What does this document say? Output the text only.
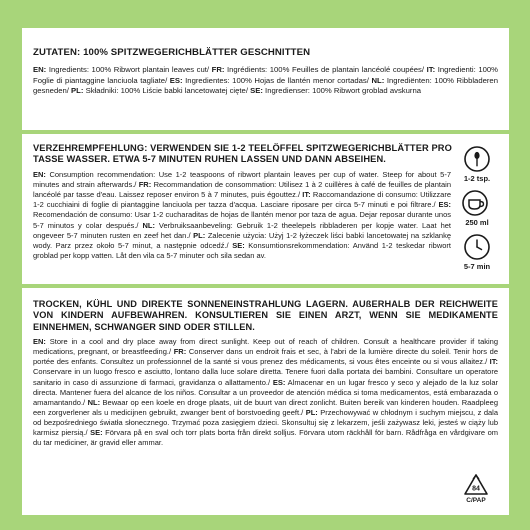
ZUTATEN: 100% SPITZWEGERICHBLÄTTER GESCHNITTEN
EN: Ingredients: 100% Ribwort plantain leaves cut/ FR: Ingrédients: 100% Feuilles de plantain lancéolé coupées/ IT: Ingredienti: 100% Foglie di piantaggine lanciuola tagliate/ ES: Ingredientes: 100% Hojas de llantén menor cortadas/ NL: Ingrediënten: 100% Ribbladeren gesneden/ PL: Składniki: 100% Liście babki lancetowatej cięte/ SE: Ingredienser: 100% Ribwort groblad avskurna
VERZEHREMPFEHLUNG: VERWENDEN SIE 1-2 TEELÖFFEL SPITZWEGERICHBLÄTTER PRO TASSE WASSER. ETWA 5-7 MINUTEN RUHEN LASSEN UND DANN ABSEIHEN.
EN: Consumption recommendation: Use 1-2 teaspoons of ribwort plantain leaves per cup of water. Steep for about 5-7 minutes and strain afterwards./ FR: Recommandation de consommation: Utilisez 1 à 2 cuillères à café de feuilles de plantain lancéolé par tasse d'eau. Laissez reposer environ 5 à 7 minutes, puis égouttez./ IT: Raccomandazione di consumo: Utilizzare 1-2 cucchiaini di foglie di piantaggine lanciuola per tazza d'acqua. Lasciare riposare per circa 5-7 minuti e poi filtrare./ ES: Recomendación de consumo: Usar 1-2 cucharaditas de hojas de llantén menor por taza de agua. Dejar reposar durante unos 5-7 minutos y colar después./ NL: Verbruiksaanbeveling: Gebruik 1-2 theelepels ribbladeren per kopje water. Laat het ongeveer 5-7 minuten rusten en zeef het dan./ PL: Zalecenie użycia: Użyj 1-2 łyżeczek liści babki lancetowatej na szklankę wody. Parz przez około 5-7 minut, a następnie odcedź./ SE: Konsumtionsrekommendation: Använd 1-2 teskedar ribwort groblad per kopp vatten. Låt den vila ca 5-7 minuter och sila sedan av.
1-2 tsp.
250 ml
5-7 min
TROCKEN, KÜHL UND DIREKTE SONNENEINSTRAHLUNG LAGERN. AUßERHALB DER REICHWEITE VON KINDERN AUFBEWAHREN. KONSULTIEREN SIE EINEN ARZT, WENN SIE MEDIKAMENTE EINNEHMEN, SCHWANGER SIND ODER STILLEN.
EN: Store in a cool and dry place away from direct sunlight. Keep out of reach of children. Consult a healthcare provider if taking medications, pregnant, or breastfeeding./ FR: Conserver dans un endroit frais et sec, à l'abri de la lumière directe du soleil. Tenir hors de portée des enfants. Consultez un professionnel de la santé si vous prenez des médicaments, si vous êtes enceinte ou si vous allaitez./ IT: Conservare in un luogo fresco e asciutto, lontano dalla luce solare diretta. Tenere fuori dalla portata dei bambini. Consultare un operatore sanitario in caso di assunzione di farmaci, gravidanza o allattamento./ ES: Almacenar en un lugar fresco y seco y alejado de la luz solar directa. Mantener fuera del alcance de los niños. Consultar a un proveedor de atención médica si toma medicamentos, está embarazada o amamantando./ NL: Bewaar op een koele en droge plaats, uit de buurt van direct zonlicht. Buiten bereik van kinderen houden. Raadpleeg een zorgverlener als u medicijnen gebruikt, zwanger bent of borstvoeding geeft./ PL: Przechowywać w chłodnym i suchym miejscu, z dala od bezpośredniego światła słonecznego. Trzymać poza zasięgiem dzieci. Skonsultuj się z lekarzem, jeśli zażywasz leki, jesteś w ciąży lub karmisz piersią./ SE: Förvara på en sval och torr plats borta från direkt solljus. Förvara utom räckhåll för barn. Rådfråga en vårdgivare om du tar mediciner, är gravid eller ammar.
84
C/PAP
